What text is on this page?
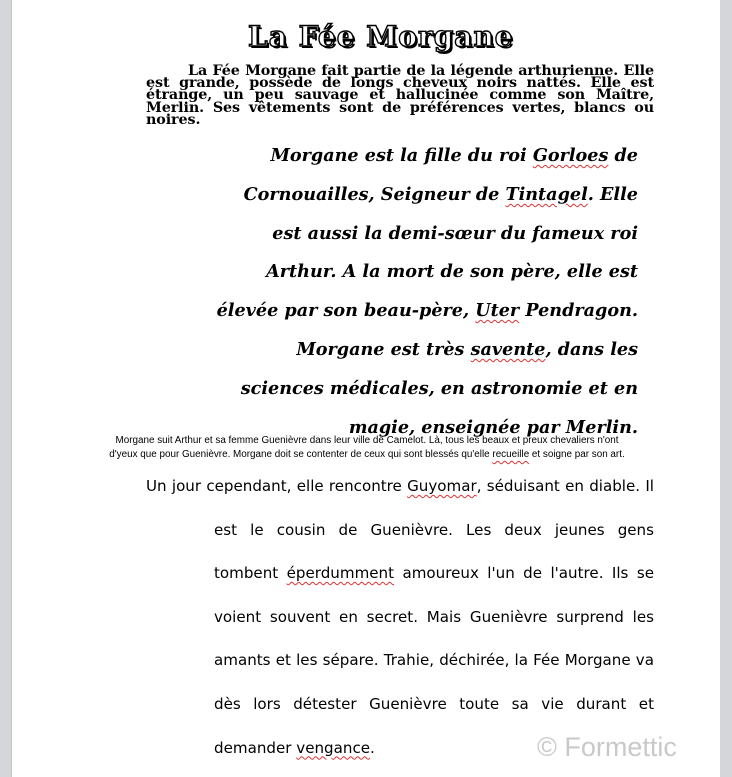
La Fée Morgane
La Fée Morgane fait partie de la légende arthurienne. Elle est grande, possède de longs cheveux noirs nattés. Elle est étrange, un peu sauvage et hallucinée comme son Maître, Merlin. Ses vêtements sont de préférences vertes, blancs ou noires.
Morgane est la fille du roi Gorloes de Cornouailles, Seigneur de Tintagel. Elle est aussi la demi-sœur du fameux roi Arthur. A la mort de son père, elle est élevée par son beau-père, Uter Pendragon. Morgane est très savente, dans les sciences médicales, en astronomie et en magie, enseignée par Merlin.
Morgane suit Arthur et sa femme Guenièvre dans leur ville de Camelot. Là, tous les beaux et preux chevaliers n'ont d'yeux que pour Guenièvre. Morgane doit se contenter de ceux qui sont blessés qu'elle recueille et soigne par son art.
Un jour cependant, elle rencontre Guyomar, séduisant en diable. Il est le cousin de Guenièvre. Les deux jeunes gens tombent éperdumment amoureux l'un de l'autre. Ils se voient souvent en secret. Mais Guenièvre surprend les amants et les sépare. Trahie, déchirée, la Fée Morgane va dès lors détester Guenièvre toute sa vie durant et demander vengance.	© Formettic
